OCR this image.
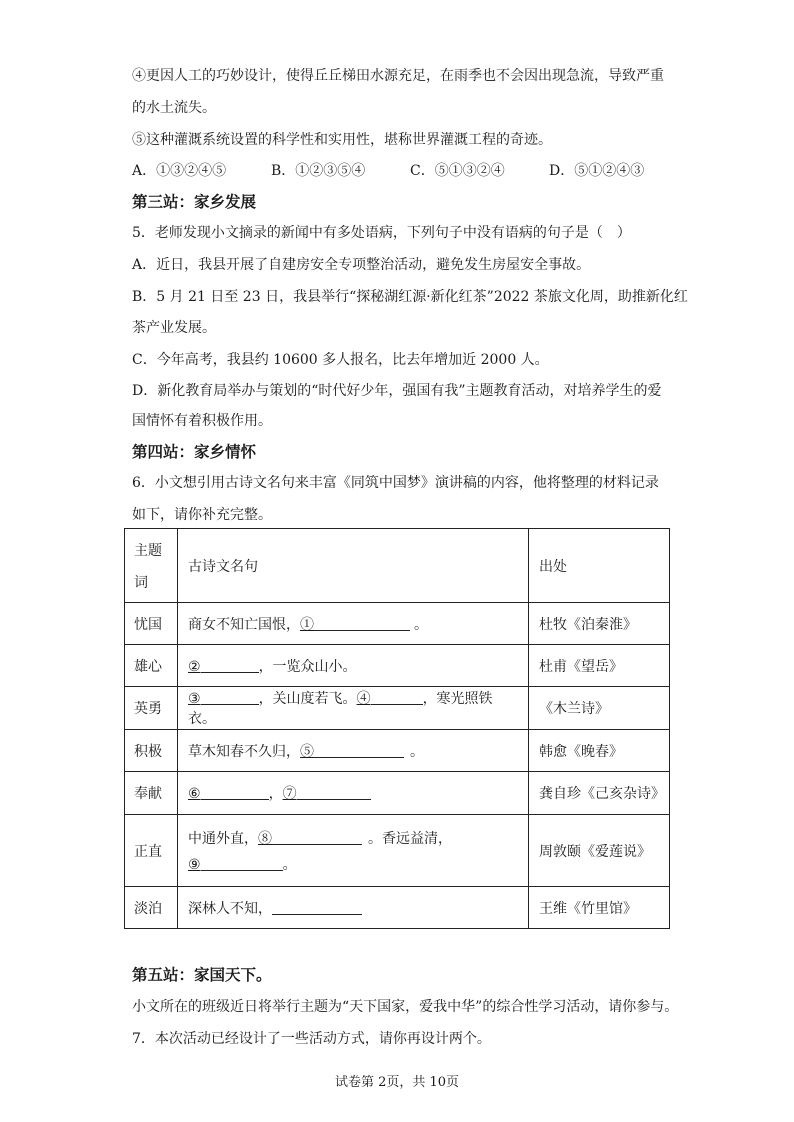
④更因人工的巧妙设计，使得丘丘梯田水源充足，在雨季也不会因出现急流，导致严重
的水土流失。
⑤这种灌溉系统设置的科学性和实用性，堪称世界灌溉工程的奇迹。
A．①③②④⑤	B．①②③⑤④	C．⑤①③②④	D．⑤①②④③
第三站：家乡发展
5．老师发现小文摘录的新闻中有多处语病，下列句子中没有语病的句子是（　）
A．近日，我县开展了自建房安全专项整治活动，避免发生房屋安全事故。
B．5 月 21 日至 23 日，我县举行“探秘湖红源·新化红茶”2022 茶旅文化周，助推新化红
茶产业发展。
C．今年高考，我县约 10600 多人报名，比去年增加近 2000 人。
D．新化教育局举办与策划的“时代好少年，强国有我”主题教育活动，对培养学生的爱
国情怀有着积极作用。
第四站：家乡情怀
6．小文想引用古诗文名句来丰富《同筑中国梦》演讲稿的内容，他将整理的材料记录
如下，请你补充完整。
主题
词	古诗文名句	出处
忧国	商女不知亡国恨，① 。	杜牧《泊秦淮》
雄心	② ，一览众山小。	杜甫《望岳》
英勇	③ ，关山度若飞。④ ，寒光照铁衣。	《木兰诗》
积极	草木知春不久归，⑤ 。	韩愈《晚春》
奉献	⑥ ，⑦	龚自珍《己亥杂诗》
正直	中通外直，⑧ 。香远益清，
⑨ 。	周敦颐《爱莲说》
淡泊	深林人不知，	王维《竹里馆》
第五站：家国天下。
小文所在的班级近日将举行主题为“天下国家，爱我中华”的综合性学习活动，请你参与。
7．本次活动已经设计了一些活动方式，请你再设计两个。
试卷第 2页，共 10页
